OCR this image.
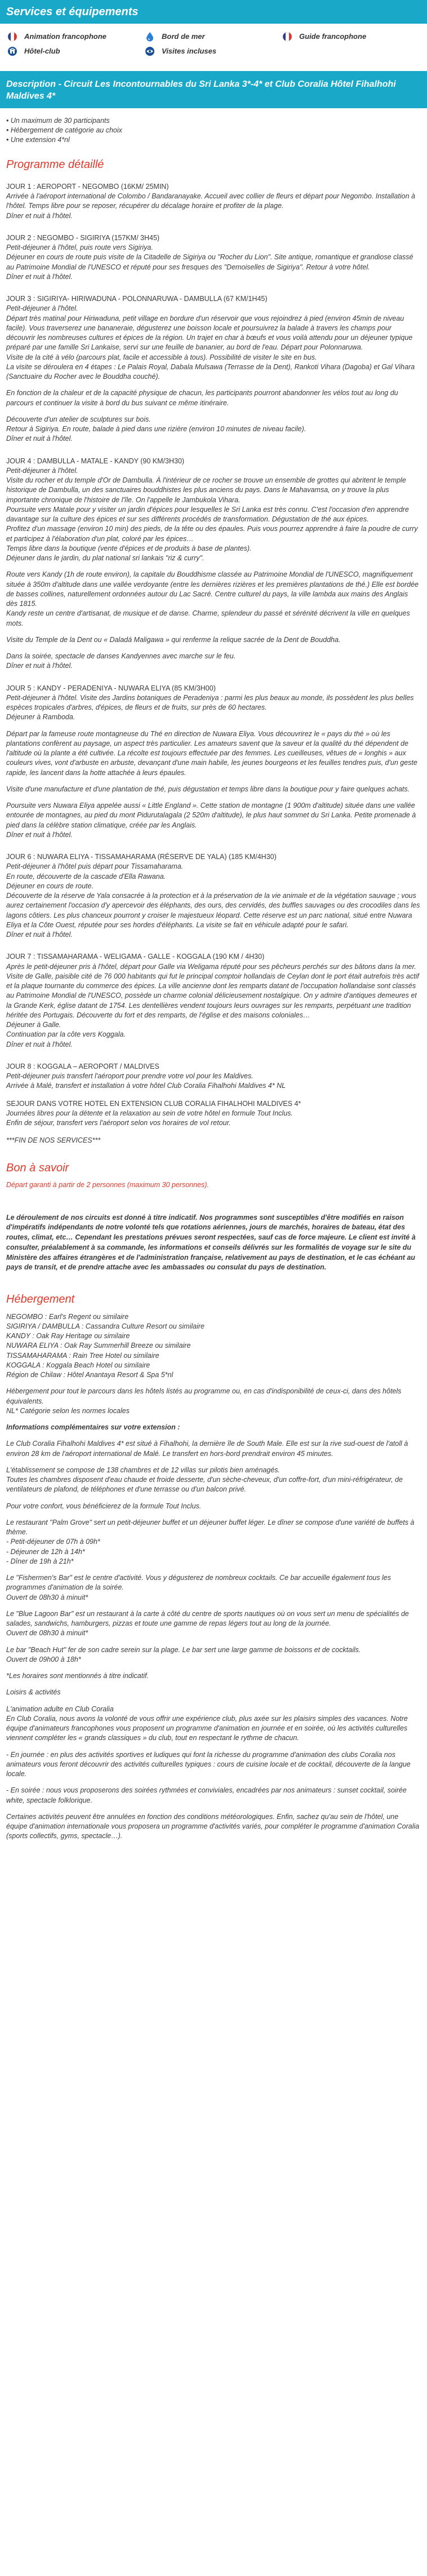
Services et équipements
Animation francophone	Bord de mer	Guide francophone
Hôtel-club	Visites incluses
Description - Circuit Les Incontournables du Sri Lanka 3*-4* et Club Coralia Hôtel Fihalhohi Maldives 4*
• Un maximum de 30 participants
• Hébergement de catégorie au choix
• Une extension 4*nl
Programme détaillé

JOUR 1 : AEROPORT - NEGOMBO (16KM/ 25MIN)

Arrivée à l'aéroport international de Colombo / Bandaranayake. Accueil avec collier de fleurs et départ pour Negombo. Installation à l'hôtel. Temps libre pour se reposer, récupérer du décalage horaire et profiter de la plage.

Dîner et nuit à l'hôtel.

JOUR 2 : NEGOMBO - SIGIRIYA (157KM/ 3H45)

Petit-déjeuner à l'hôtel, puis route vers Sigiriya.

Déjeuner en cours de route puis visite de la Citadelle de Sigiriya ou "Rocher du Lion". Site antique, romantique et grandiose classé au Patrimoine Mondial de l'UNESCO et réputé pour ses fresques des "Demoiselles de Sigiriya". Retour à votre hôtel.

Dîner et nuit à l'hôtel.

JOUR 3 : SIGIRIYA- HIRIWADUNA - POLONNARUWA - DAMBULLA (67 KM/1H45)

Petit-déjeuner à l'hôtel.

Départ très matinal pour Hiriwaduna, petit village en bordure d'un réservoir que vous rejoindrez à pied (environ 45min de niveau facile). Vous traverserez une bananeraie, dégusterez une boisson locale et poursuivrez la balade à travers les champs pour découvrir les nombreuses cultures et épices de la région. Un trajet en char à bœufs et vous voilà attendu pour un déjeuner typique préparé par une famille Sri Lankaise, servi sur une feuille de bananier, au bord de l'eau. Départ pour Polonnaruwa.

Visite de la cité à vélo (parcours plat, facile et accessible à tous). Possibilité de visiter le site en bus.

La visite se déroulera en 4 étapes : Le Palais Royal, Dabala Mulsawa (Terrasse de la Dent), Rankoti Vihara (Dagoba) et Gal Vihara (Sanctuaire du Rocher avec le Bouddha couché).

En fonction de la chaleur et de la capacité physique de chacun, les participants pourront abandonner les vélos tout au long du parcours et continuer la visite à bord du bus suivant ce même itinéraire.

Découverte d'un atelier de sculptures sur bois.

Retour à Sigiriya. En route, balade à pied dans une rizière (environ 10 minutes de niveau facile).

Dîner et nuit à l'hôtel.

JOUR 4 : DAMBULLA - MATALE - KANDY (90 KM/3H30)

Petit-déjeuner à l'hôtel.

Visite du rocher et du temple d'Or de Dambulla. À l'intérieur de ce rocher se trouve un ensemble de grottes qui abritent le temple historique de Dambulla, un des sanctuaires bouddhistes les plus anciens du pays. Dans le Mahavamsa, on y trouve la plus importante chronique de l'histoire de l'île. On l'appelle le Jambukola Vihara.

Poursuite vers Matale pour y visiter un jardin d'épices pour lesquelles le Sri Lanka est très connu. C'est l'occasion d'en apprendre davantage sur la culture des épices et sur ses différents procédés de transformation. Dégustation de thé aux épices.

Profitez d'un massage (environ 10 min) des pieds, de la tête ou des épaules. Puis vous pourrez apprendre à faire la poudre de curry et participez à l'élaboration d'un plat, coloré par les épices…

Temps libre dans la boutique (vente d'épices et de produits à base de plantes).

Déjeuner dans le jardin, du plat national sri lankais "riz & curry".

Route vers Kandy (1h de route environ), la capitale du Bouddhisme classée au Patrimoine Mondial de l'UNESCO, magnifiquement située à 350m d'altitude dans une vallée verdoyante (entre les dernières rizières et les premières plantations de thé.) Elle est bordée de basses collines, naturellement ordonnées autour du Lac Sacré. Centre culturel du pays, la ville lambda aux mains des Anglais dès 1815.

Kandy reste un centre d'artisanat, de musique et de danse. Charme, splendeur du passé et sérénité décrivent la ville en quelques mots.

Visite du Temple de la Dent ou « Daladá Maligawa » qui renferme la relique sacrée de la Dent de Bouddha.

Dans la soirée, spectacle de danses Kandyennes avec marche sur le feu.

Dîner et nuit à l'hôtel.

JOUR 5 : KANDY - PERADENIYA - NUWARA ELIYA (85 KM/3H00)

Petit-déjeuner à l'hôtel. Visite des Jardins botaniques de Peradeniya : parmi les plus beaux au monde, ils possèdent les plus belles espèces tropicales d'arbres, d'épices, de fleurs et de fruits, sur près de 60 hectares.

Déjeuner à Ramboda.

Départ par la fameuse route montagneuse du Thé en direction de Nuwara Eliya. Vous découvrirez le « pays du thé » où les plantations confèrent au paysage, un aspect très particulier. Les amateurs savent que la saveur et la qualité du thé dépendent de l'altitude où la plante a été cultivée. La récolte est toujours effectuée par des femmes. Les cueilleuses, vêtues de « longhis » aux couleurs vives, vont d'arbuste en arbuste, devançant d'une main habile, les jeunes bourgeons et les feuilles tendres puis, d'un geste rapide, les lancent dans la hotte attachée à leurs épaules.

Visite d'une manufacture et d'une plantation de thé, puis dégustation et temps libre dans la boutique pour y faire quelques achats.

Poursuite vers Nuwara Eliya appelée aussi « Little England ». Cette station de montagne (1 900m d'altitude) située dans une vallée entourée de montagnes, au pied du mont Pidurutalagala (2 520m d'altitude), le plus haut sommet du Sri Lanka. Petite promenade à pied dans la célèbre station climatique, créée par les Anglais.

Dîner et nuit à l'hôtel.

JOUR 6 : NUWARA ELIYA - TISSAMAHARAMA (RÉSERVE DE YALA) (185 KM/4H30)

Petit-déjeuner à l'hôtel puis départ pour Tissamaharama.

En route, découverte de la cascade d'Ella Rawana.

Déjeuner en cours de route.

Découverte de la réserve de Yala consacrée à la protection et à la préservation de la vie animale et de la végétation sauvage ; vous aurez certainement l'occasion d'y apercevoir des éléphants, des ours, des cervidés, des buffles sauvages ou des crocodiles dans les lagons côtiers. Les plus chanceux pourront y croiser le majestueux léopard. Cette réserve est un parc national, situé entre Nuwara Eliya et la Côte Ouest, réputée pour ses hordes d'éléphants. La visite se fait en véhicule adapté pour le safari.

Dîner et nuit à l'hôtel.

JOUR 7 : TISSAMAHARAMA - WELIGAMA - GALLE - KOGGALA (190 KM / 4H30)

Après le petit-déjeuner pris à l'hôtel, départ pour Galle via Weligama réputé pour ses pêcheurs perchés sur des bâtons dans la mer.

Visite de Galle, paisible cité de 76 000 habitants qui fut le principal comptoir hollandais de Ceylan dont le port était autrefois très actif et la plaque tournante du commerce des épices. La ville ancienne dont les remparts datant de l'occupation hollandaise sont classés au Patrimoine Mondial de l'UNESCO, possède un charme colonial délicieusement nostalgique. On y admire d'antiques demeures et la Grande Kerk, église datant de 1754. Les dentellières vendent toujours leurs ouvrages sur les remparts, perpétuant une tradition héritée des Portugais. Découverte du fort et des remparts, de l'église et des maisons coloniales…

Déjeuner à Galle.

Continuation par la côte vers Koggala.

Dîner et nuit à l'hôtel.

JOUR 8 : KOGGALA – AEROPORT / MALDIVES

Petit-déjeuner puis transfert l'aéroport pour prendre votre vol pour les Maldives.

Arrivée à Malé, transfert et installation à votre hôtel Club Coralia Fihalhohi Maldives 4* NL

SEJOUR DANS VOTRE HOTEL EN EXTENSION CLUB CORALIA FIHALHOHI MALDIVES 4*

Journées libres pour la détente et la relaxation au sein de votre hôtel en formule Tout Inclus.

Enfin de séjour, transfert vers l'aéroport selon vos horaires de vol retour.

***FIN DE NOS SERVICES***

Bon à savoir

Départ garanti à partir de 2 personnes (maximum 30 personnes).

Le déroulement de nos circuits est donné à titre indicatif. Nos programmes sont susceptibles d'être modifiés en raison d'impératifs indépendants de notre volonté tels que rotations aériennes, jours de marchés, horaires de bateau, état des routes, climat, etc… Cependant les prestations prévues seront respectées, sauf cas de force majeure. Le client est invité à consulter, préalablement à sa commande, les informations et conseils délivrés sur les formalités de voyage sur le site du Ministère des affaires étrangères et de l'administration française, relativement au pays de destination, et le cas échéant au pays de transit, et de prendre attache avec les ambassades ou consulat du pays de destination.

Hébergement

NEGOMBO : Earl's Regent ou similaire

SIGIRIYA / DAMBULLA : Cassandra Culture Resort ou similaire

KANDY : Oak Ray Heritage ou similaire

NUWARA ELIYA : Oak Ray Summerhill Breeze ou similaire

TISSAMAHARAMA : Rain Tree Hotel ou similaire

KOGGALA : Koggala Beach Hotel ou similaire

Région de Chilaw : Hôtel Anantaya Resort & Spa 5*nl

Hébergement pour tout le parcours dans les hôtels listés au programme ou, en cas d'indisponibilité de ceux-ci, dans des hôtels équivalents.

NL* Catégorie selon les normes locales

Informations complémentaires sur votre extension :

Le Club Coralia Fihalhohi Maldives 4* est situé à Fihalhohi, la dernière île de South Male. Elle est sur la rive sud-ouest de l'atoll à environ 28 km de l'aéroport international de Malé. Le transfert en hors-bord prendrait environ 45 minutes.

L'établissement se compose de 138 chambres et de 12 villas sur pilotis bien aménagés.

Toutes les chambres disposent d'eau chaude et froide desserte, d'un sèche-cheveux, d'un coffre-fort, d'un mini-réfrigérateur, de ventilateurs de plafond, de téléphones et d'une terrasse ou d'un balcon privé.

Pour votre confort, vous bénéficierez de la formule Tout Inclus.

Le restaurant "Palm Grove" sert un petit-déjeuner buffet et un déjeuner buffet léger. Le dîner se compose d'une variété de buffets à thème.

- Petit-déjeuner de 07h à 09h*

- Déjeuner de 12h à 14h*

- Dîner de 19h à 21h*

Le "Fishermen's Bar" est le centre d'activité. Vous y dégusterez de nombreux cocktails. Ce bar accueille également tous les programmes d'animation de la soirée.

Ouvert de 08h30 à minuit*

Le "Blue Lagoon Bar" est un restaurant à la carte à côté du centre de sports nautiques où on vous sert un menu de spécialités de salades, sandwichs, hamburgers, pizzas et toute une gamme de repas légers tout au long de la journée.

Ouvert de 08h30 à minuit*

Le bar "Beach Hut" fer de son cadre serein sur la plage. Le bar sert une large gamme de boissons et de cocktails.

Ouvert de 09h00 à 18h*

*Les horaires sont mentionnés à titre indicatif.

Loisirs & activités

L'animation adulte en Club Coralia

En Club Coralia, nous avons la volonté de vous offrir une expérience club, plus axée sur les plaisirs simples des vacances. Notre équipe d'animateurs francophones vous proposent un programme d'animation en journée et en soirée, où les activités culturelles viennent compléter les « grands classiques » du club, tout en respectant le rythme de chacun.

- En journée : en plus des activités sportives et ludiques qui font la richesse du programme d'animation des clubs Coralia nos animateurs vous feront découvrir des activités culturelles typiques : cours de cuisine locale et de cocktail, découverte de la langue locale.

- En soirée : nous vous proposerons des soirées rythmées et conviviales, encadrées par nos animateurs : sunset cocktail, soirée white, spectacle folklorique.

Certaines activités peuvent être annulées en fonction des conditions météorologiques. Enfin, sachez qu'au sein de l'hôtel, une équipe d'animation internationale vous proposera un programme d'activités variés, pour compléter le programme d'animation Coralia (sports collectifs, gyms, spectacle…).
